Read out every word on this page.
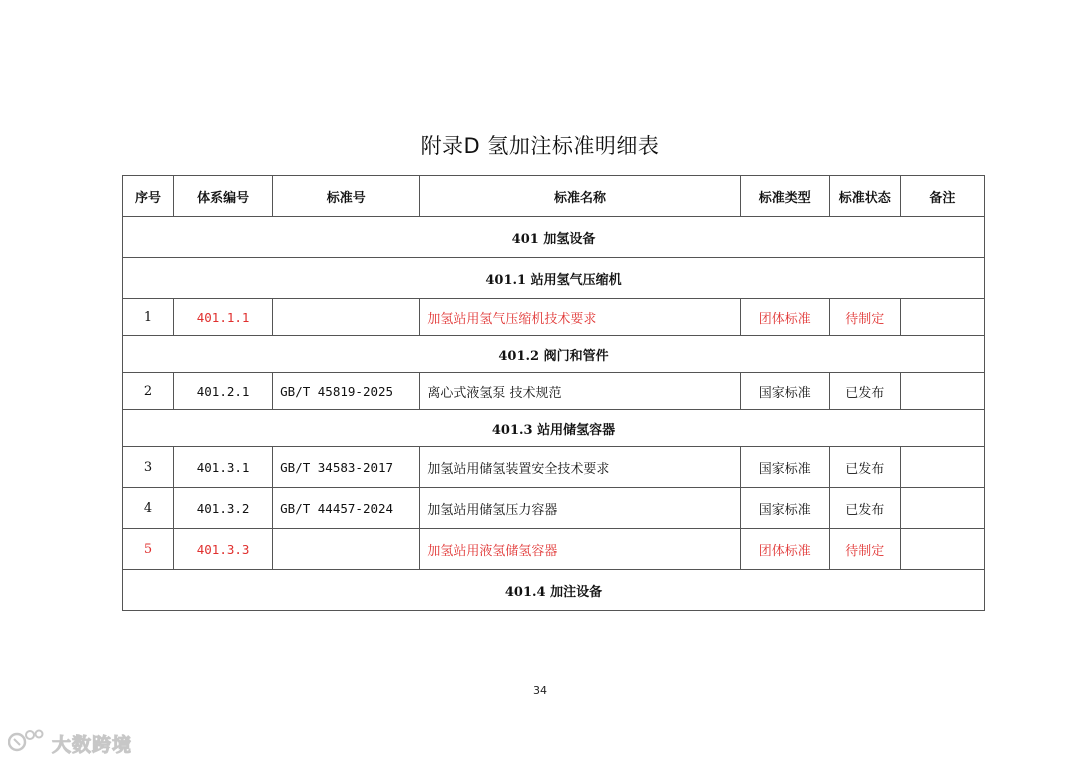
附录D 氢加注标准明细表
序号	体系编号	标准号	标准名称	标准类型	标准状态	备注
401 加氢设备						
401.1 站用氢气压缩机						
1	401.1.1		加氢站用氢气压缩机技术要求	团体标准	待制定	
401.2 阀门和管件						
2	401.2.1	GB/T 45819-2025	离心式液氢泵 技术规范	国家标准	已发布	
401.3 站用储氢容器						
3	401.3.1	GB/T 34583-2017	加氢站用储氢装置安全技术要求	国家标准	已发布	
4	401.3.2	GB/T 44457-2024	加氢站用储氢压力容器	国家标准	已发布	
5	401.3.3		加氢站用液氢储氢容器	团体标准	待制定	
401.4 加注设备						
34
大数跨境
